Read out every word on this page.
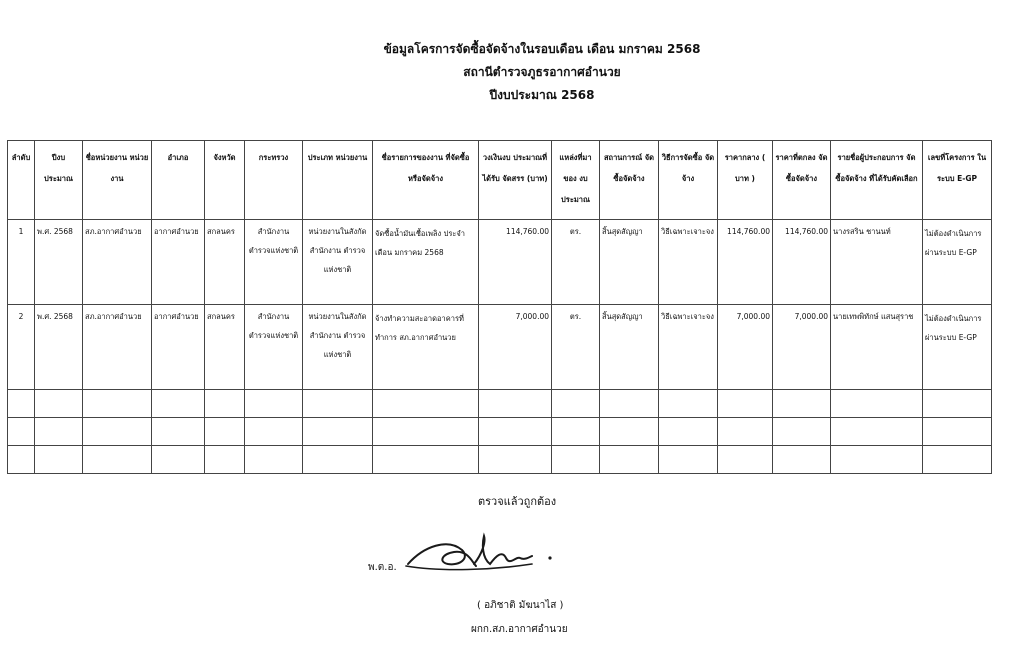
ข้อมูลโครการจัดซื้อจัดจ้างในรอบเดือน เดือน มกราคม 2568
สถานีตำรวจภูธรอากาศอำนวย
ปีงบประมาณ 2568
ลำดับ	ปีงบ ประมาณ	ชื่อหน่วยงาน หน่วยงาน	อำเภอ	จังหวัด	กระทรวง	ประเภท หน่วยงาน	ชื่อรายการของงาน ที่จัดซื้อหรือจัดจ้าง	วงเงินงบ ประมาณที่ได้รับ จัดสรร (บาท)	แหล่งที่มา ของ งบประมาณ	สถานการณ์ จัดซื้อจัดจ้าง	วิธีการจัดซื้อ จัดจ้าง	ราคากลาง ( บาท )	ราคาที่ตกลง จัดซื้อจัดจ้าง	รายชื่อผู้ประกอบการ จัดซื้อจัดจ้าง ที่ได้รับคัดเลือก	เลขที่โครงการ ในระบบ E-GP
1	พ.ศ. 2568	สภ.อากาศอำนวย	อากาศอำนวย	สกลนคร	สำนักงาน ตำรวจแห่งชาติ	หน่วยงานในสังกัด สำนักงาน ตำรวจแห่งชาติ	จัดซื้อน้ำมันเชื้อเพลิง ประจำเดือน มกราคม 2568	114,760.00	ตร.	สิ้นสุดสัญญา	วิธีเฉพาะเจาะจง	114,760.00	114,760.00	นางรสริน ชานนท์	ไม่ต้องดำเนินการ ผ่านระบบ E-GP
2	พ.ศ. 2568	สภ.อากาศอำนวย	อากาศอำนวย	สกลนคร	สำนักงาน ตำรวจแห่งชาติ	หน่วยงานในสังกัด สำนักงาน ตำรวจแห่งชาติ	จ้างทำความสะอาดอาคารที่ ทำการ สภ.อากาศอำนวย	7,000.00	ตร.	สิ้นสุดสัญญา	วิธีเฉพาะเจาะจง	7,000.00	7,000.00	นายเทพพิทักษ์ แสนสุราช	ไม่ต้องดำเนินการ ผ่านระบบ E-GP

ตรวจแล้วถูกต้อง
พ.ต.อ.
( อภิชาติ มัฆนาไส )
ผกก.สภ.อากาศอำนวย
